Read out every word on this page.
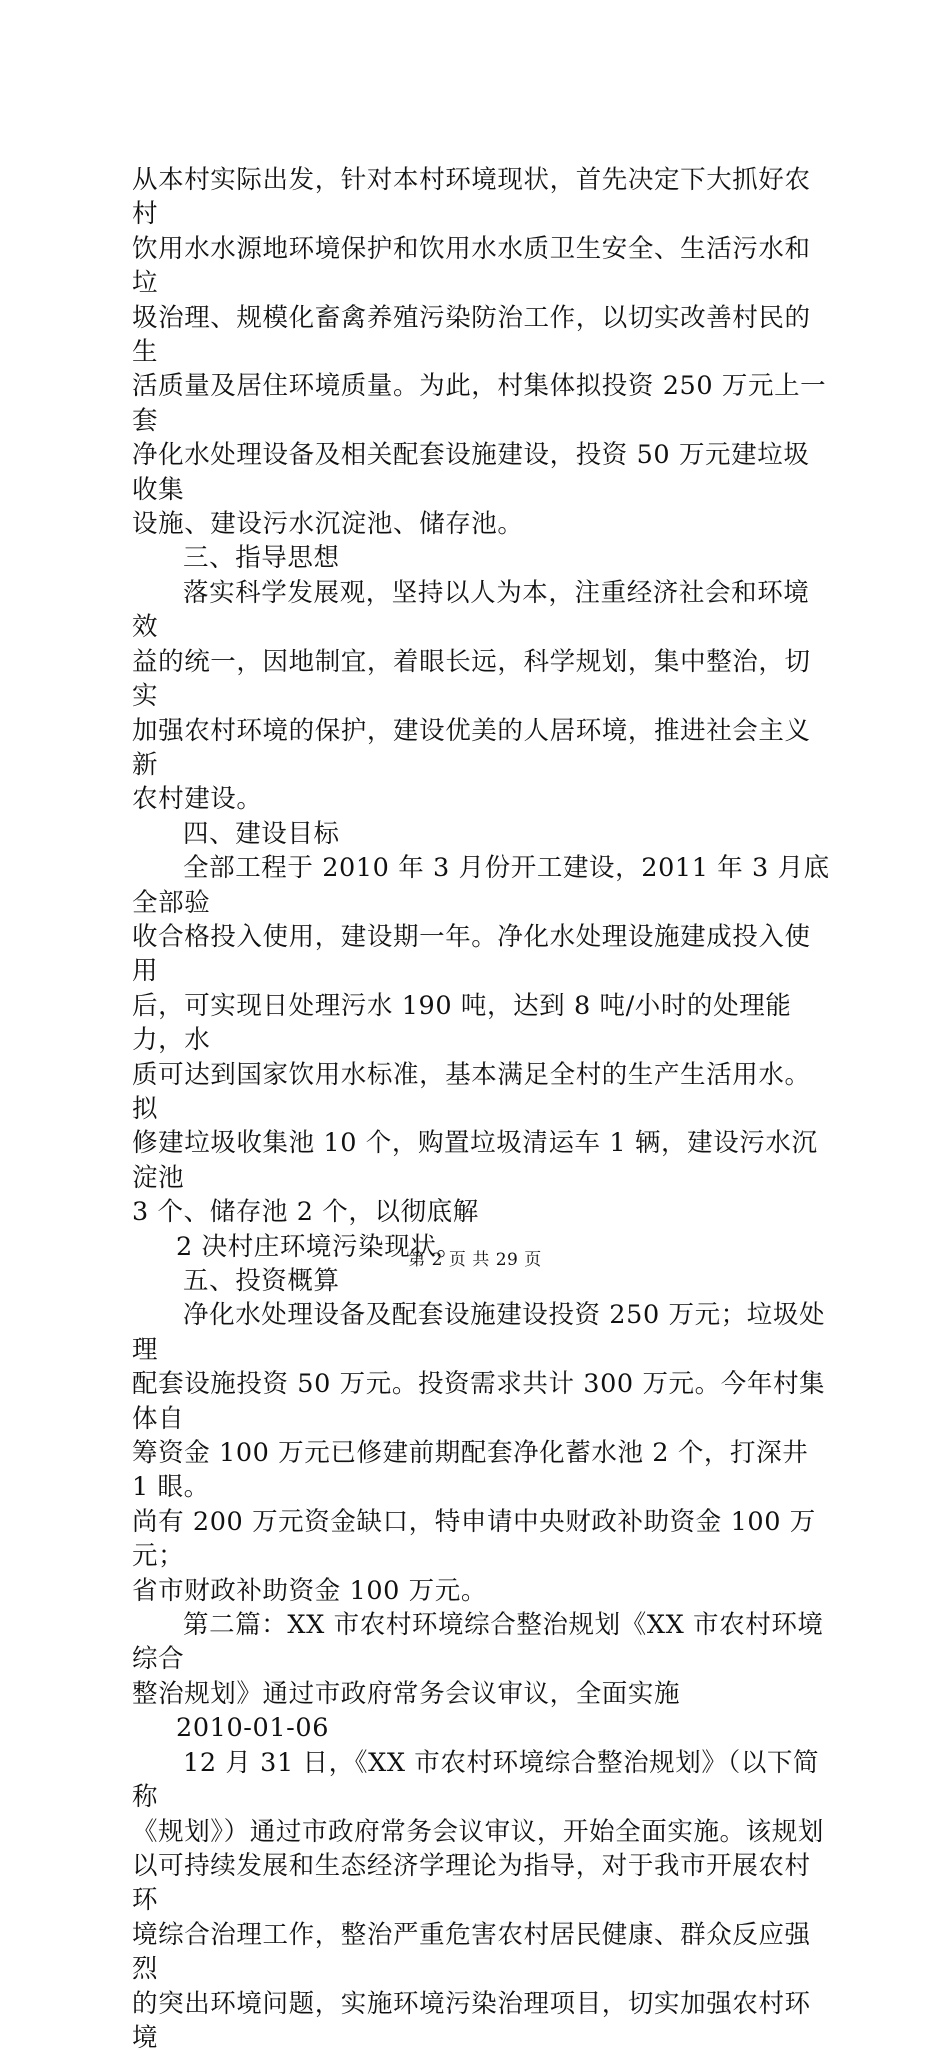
从本村实际出发，针对本村环境现状，首先决定下大抓好农村

饮用水水源地环境保护和饮用水水质卫生安全、生活污水和垃

圾治理、规模化畜禽养殖污染防治工作，以切实改善村民的生

活质量及居住环境质量。为此，村集体拟投资 250 万元上一套

净化水处理设备及相关配套设施建设，投资 50 万元建垃圾收集

设施、建设污水沉淀池、储存池。

三、指导思想

落实科学发展观，坚持以人为本，注重经济社会和环境效

益的统一，因地制宜，着眼长远，科学规划，集中整治，切实

加强农村环境的保护，建设优美的人居环境，推进社会主义新

农村建设。

四、建设目标

全部工程于 2010 年 3 月份开工建设，2011 年 3 月底全部验

收合格投入使用，建设期一年。净化水处理设施建成投入使用

后，可实现日处理污水 190 吨，达到 8 吨/小时的处理能力，水

质可达到国家饮用水标准，基本满足全村的生产生活用水。拟

修建垃圾收集池 10 个，购置垃圾清运车 1 辆，建设污水沉淀池

3 个、储存池 2 个，以彻底解

2 决村庄环境污染现状。

五、投资概算

净化水处理设备及配套设施建设投资 250 万元；垃圾处理

配套设施投资 50 万元。投资需求共计 300 万元。今年村集体自

筹资金 100 万元已修建前期配套净化蓄水池 2 个，打深井 1 眼。

尚有 200 万元资金缺口，特申请中央财政补助资金 100 万元；

省市财政补助资金 100 万元。

第二篇：XX 市农村环境综合整治规划《XX 市农村环境综合

整治规划》通过市政府常务会议审议，全面实施

2010-01-06

12 月 31 日，《XX 市农村环境综合整治规划》（以下简称

《规划》）通过市政府常务会议审议，开始全面实施。该规划

以可持续发展和生态经济学理论为指导，对于我市开展农村环

境综合治理工作，整治严重危害农村居民健康、群众反应强烈

的突出环境问题，实施环境污染治理项目，切实加强农村环境

第 2 页 共 29 页
